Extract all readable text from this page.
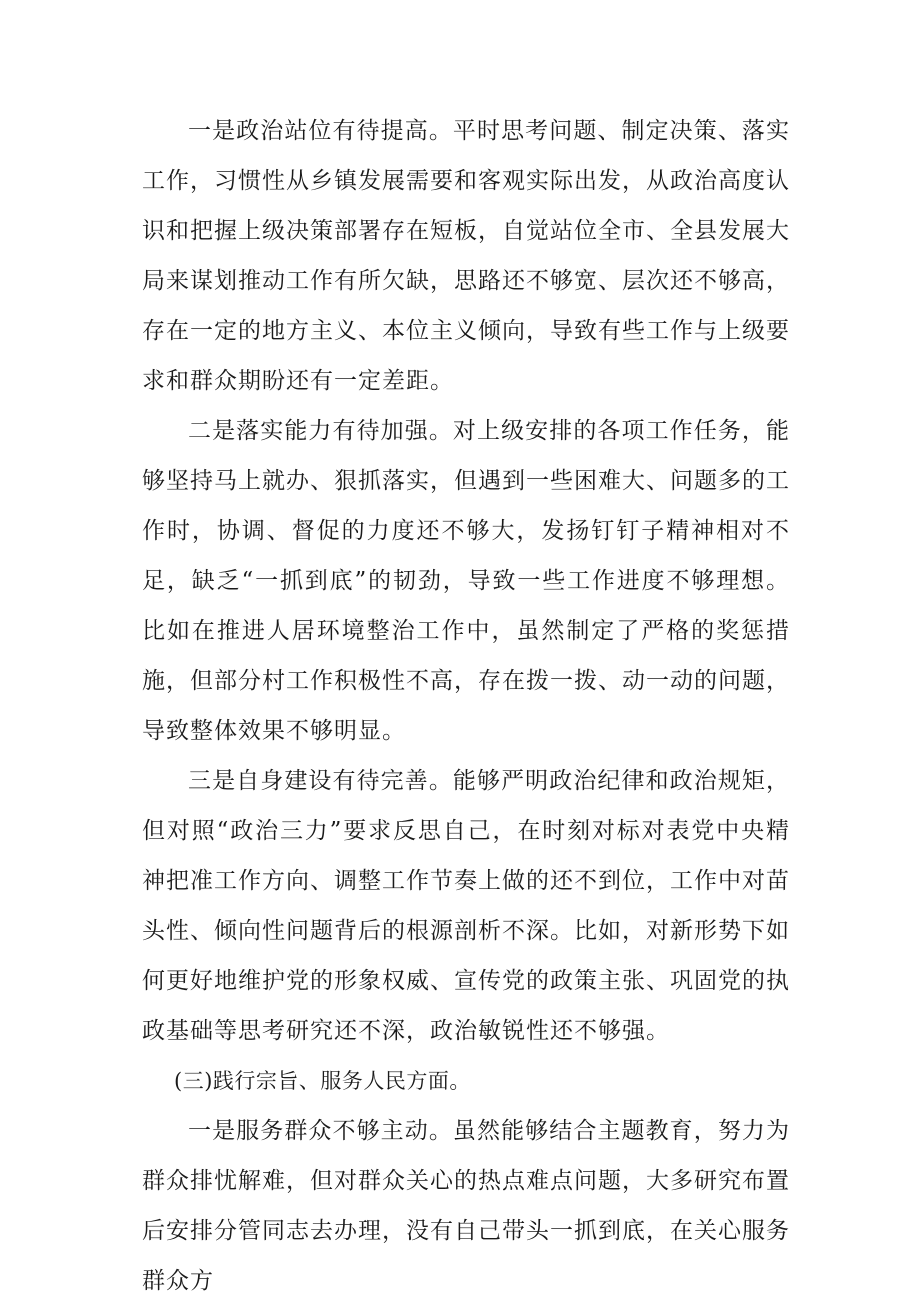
一是政治站位有待提高。平时思考问题、制定决策、落实工作，习惯性从乡镇发展需要和客观实际出发，从政治高度认识和把握上级决策部署存在短板，自觉站位全市、全县发展大局来谋划推动工作有所欠缺，思路还不够宽、层次还不够高，存在一定的地方主义、本位主义倾向，导致有些工作与上级要求和群众期盼还有一定差距。

二是落实能力有待加强。对上级安排的各项工作任务，能够坚持马上就办、狠抓落实，但遇到一些困难大、问题多的工作时，协调、督促的力度还不够大，发扬钉钉子精神相对不足，缺乏“一抓到底”的韧劲，导致一些工作进度不够理想。比如在推进人居环境整治工作中，虽然制定了严格的奖惩措施，但部分村工作积极性不高，存在拨一拨、动一动的问题，导致整体效果不够明显。

三是自身建设有待完善。能够严明政治纪律和政治规矩，但对照“政治三力”要求反思自己，在时刻对标对表党中央精神把准工作方向、调整工作节奏上做的还不到位，工作中对苗头性、倾向性问题背后的根源剖析不深。比如，对新形势下如何更好地维护党的形象权威、宣传党的政策主张、巩固党的执政基础等思考研究还不深，政治敏锐性还不够强。

(三)践行宗旨、服务人民方面。

一是服务群众不够主动。虽然能够结合主题教育，努力为群众排忧解难，但对群众关心的热点难点问题，大多研究布置后安排分管同志去办理，没有自己带头一抓到底，在关心服务群众方
